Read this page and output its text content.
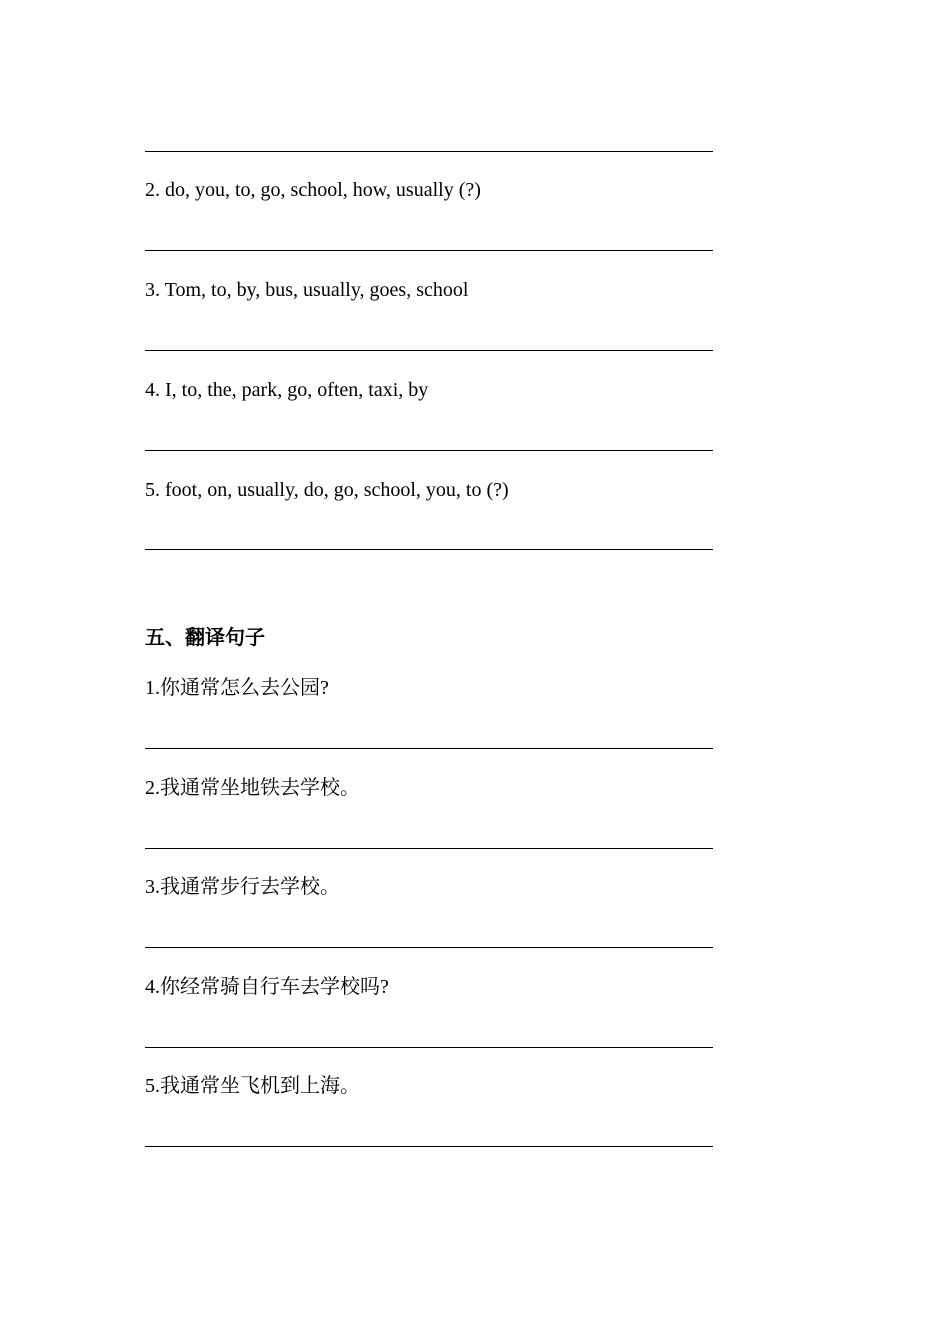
2. do, you, to, go, school, how, usually (?)
3. Tom, to, by, bus, usually, goes, school
4. I, to, the, park, go, often, taxi, by
5. foot, on, usually, do, go, school, you, to (?)
五、翻译句子
1.你通常怎么去公园?
2.我通常坐地铁去学校。
3.我通常步行去学校。
4.你经常骑自行车去学校吗?
5.我通常坐飞机到上海。
